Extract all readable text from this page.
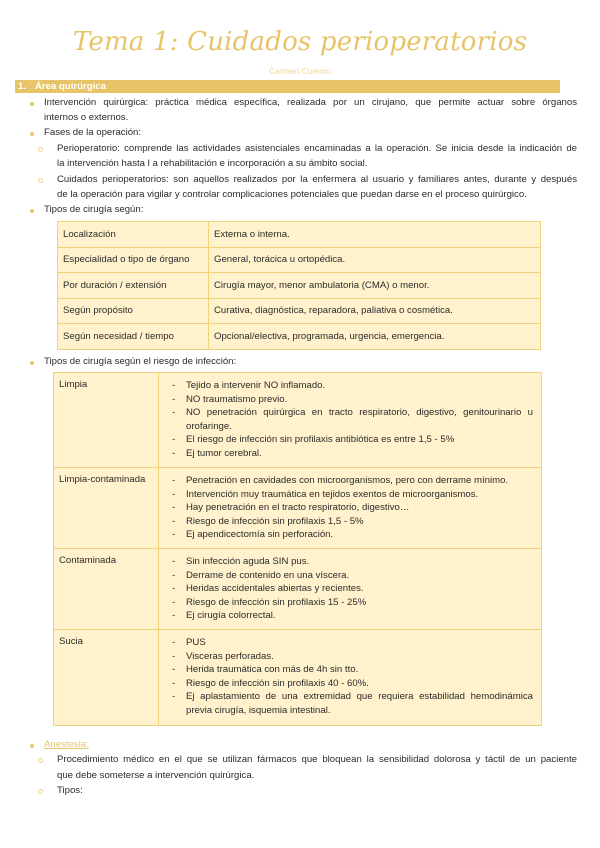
Tema 1: Cuidados perioperatorios
Carmen Cuenco
1. Área quirúrgica
Intervención quirúrgica: práctica médica específica, realizada por un cirujano, que permite actuar sobre órganos
internos o externos.
Fases de la operación:
Perioperatorio: comprende las actividades asistenciales encaminadas a la operación. Se inicia desde la indicación de
la intervención hasta l a rehabilitación e incorporación a su ámbito social.
Cuidados perioperatorios: son aquellos realizados por la enfermera al usuario y familiares antes, durante y después
de la operación para vigilar y controlar complicaciones potenciales que puedan darse en el proceso quirúrgico.
Tipos de cirugía según:
Localización	Externa o interna.
Especialidad o tipo de órgano	General, torácica u ortopédica.
Por duración / extensión	Cirugía mayor, menor ambulatoria (CMA) o menor.
Según propósito	Curativa, diagnóstica, reparadora, paliativa o cosmética.
Según necesidad / tiempo	Opcional/electiva, programada, urgencia, emergencia.
Tipos de cirugía según el riesgo de infección:
Limpia	
-Tejido a intervenir NO inflamado.
- NO traumatismo previo.
- NO penetración quirúrgica en tracto respiratorio, digestivo, genitourinario u orofaringe.
- El riesgo de infección sin profilaxis antibiótica es entre 1,5 - 5%
- Ej tumor cerebral.

Limpia-contaminada	
-Penetración en cavidades con microorganismos, pero con derrame mínimo.
- Intervención muy traumática en tejidos exentos de microorganismos.
- Hay penetración en el tracto respiratorio, digestivo…
- Riesgo de infección sin profilaxis 1,5 - 5%
- Ej apendicectomía sin perforación.

Contaminada	
-Sin infección aguda SIN pus.
- Derrame de contenido en una víscera.
- Heridas accidentales abiertas y recientes.
- Riesgo de infección sin profilaxis 15 - 25%
- Ej cirugía colorrectal.

Sucia	
-PUS
- Visceras perforadas.
- Herida traumática con más de 4h sin tto.
- Riesgo de infección sin profilaxis 40 - 60%.
- Ej aplastamiento de una extremidad que requiera estabilidad hemodinámica previa cirugía, isquemia intestinal.
Anestesia:
Procedimiento médico en el que se utilizan fármacos que bloquean la sensibilidad dolorosa y táctil de un paciente
que debe someterse a intervención quirúrgica.
Tipos:
